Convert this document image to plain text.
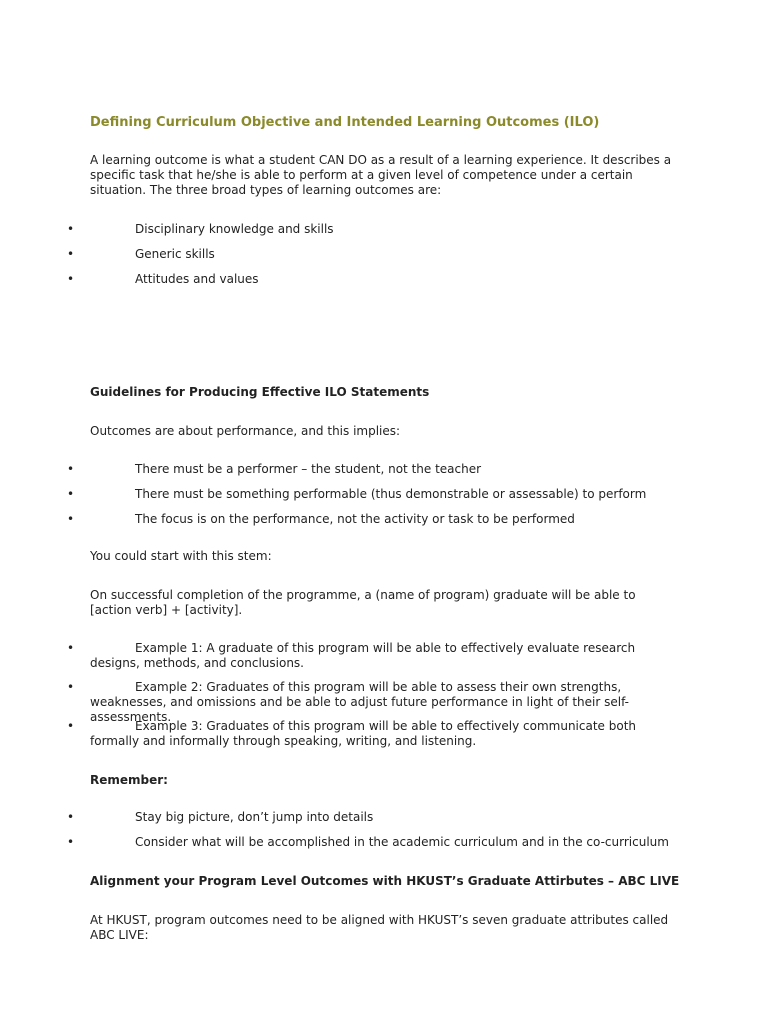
Defining Curriculum Objective and Intended Learning Outcomes (ILO)

A learning outcome is what a student CAN DO as a result of a learning experience. It describes a specific task that he/she is able to perform at a given level of competence under a certain situation. The three broad types of learning outcomes are:

•	Disciplinary knowledge and skills
•	Generic skills
•	Attitudes and values
Guidelines for Producing Effective ILO Statements

Outcomes are about performance, and this implies:

•	There must be a performer – the student, not the teacher
•	There must be something performable (thus demonstrable or assessable) to perform
•	The focus is on the performance, not the activity or task to be performed

You could start with this stem:

On successful completion of the programme, a (name of program) graduate will be able to [action verb] + [activity].

•	Example 1: A graduate of this program will be able to effectively evaluate research designs, methods, and conclusions.
•	Example 2: Graduates of this program will be able to assess their own strengths, weaknesses, and omissions and be able to adjust future performance in light of their self-assessments.
•	Example 3: Graduates of this program will be able to effectively communicate both formally and informally through speaking, writing, and listening.
Remember:
•	Stay big picture, don’t jump into details
•	Consider what will be accomplished in the academic curriculum and in the co-curriculum
Alignment your Program Level Outcomes with HKUST’s Graduate Attirbutes – ABC LIVE

At HKUST, program outcomes need to be aligned with HKUST’s seven graduate attributes called ABC LIVE:
